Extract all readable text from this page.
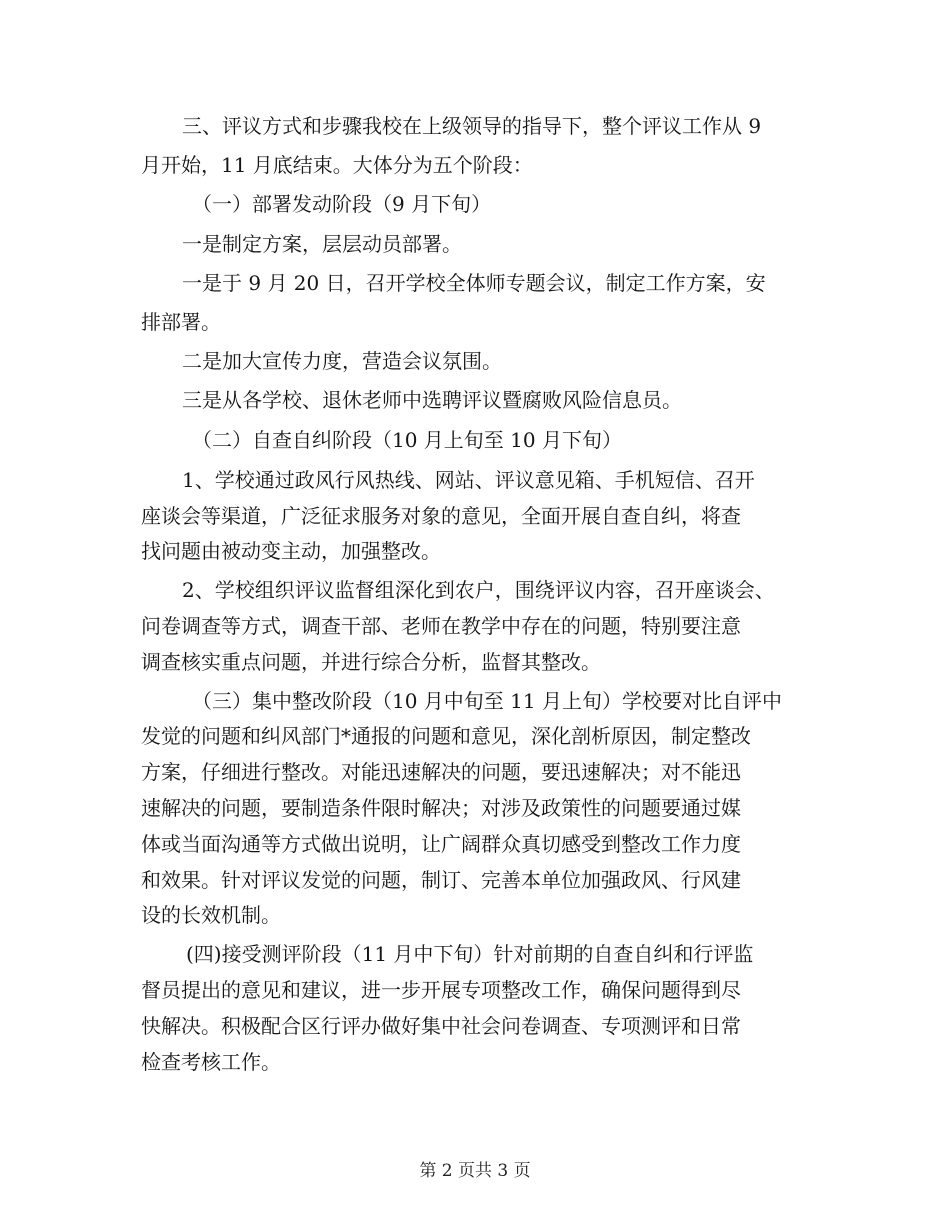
三、评议方式和步骤我校在上级领导的指导下，整个评议工作从 9
月开始，11 月底结束。大体分为五个阶段：
（一）部署发动阶段（9 月下旬）
一是制定方案，层层动员部署。
一是于 9 月 20 日，召开学校全体师专题会议，制定工作方案，安
排部署。
二是加大宣传力度，营造会议氛围。
三是从各学校、退休老师中选聘评议暨腐败风险信息员。
（二）自查自纠阶段（10 月上旬至 10 月下旬）
1、学校通过政风行风热线、网站、评议意见箱、手机短信、召开
座谈会等渠道，广泛征求服务对象的意见，全面开展自查自纠，将查
找问题由被动变主动，加强整改。
2、学校组织评议监督组深化到农户，围绕评议内容，召开座谈会、
问卷调查等方式，调查干部、老师在教学中存在的问题，特别要注意
调查核实重点问题，并进行综合分析，监督其整改。
（三）集中整改阶段（10 月中旬至 11 月上旬）学校要对比自评中
发觉的问题和纠风部门*通报的问题和意见，深化剖析原因，制定整改
方案，仔细进行整改。对能迅速解决的问题，要迅速解决；对不能迅
速解决的问题，要制造条件限时解决；对涉及政策性的问题要通过媒
体或当面沟通等方式做出说明，让广阔群众真切感受到整改工作力度
和效果。针对评议发觉的问题，制订、完善本单位加强政风、行风建
设的长效机制。
(四)接受测评阶段（11 月中下旬）针对前期的自查自纠和行评监
督员提出的意见和建议，进一步开展专项整改工作，确保问题得到尽
快解决。积极配合区行评办做好集中社会问卷调查、专项测评和日常
检查考核工作。
第 2 页共 3 页
